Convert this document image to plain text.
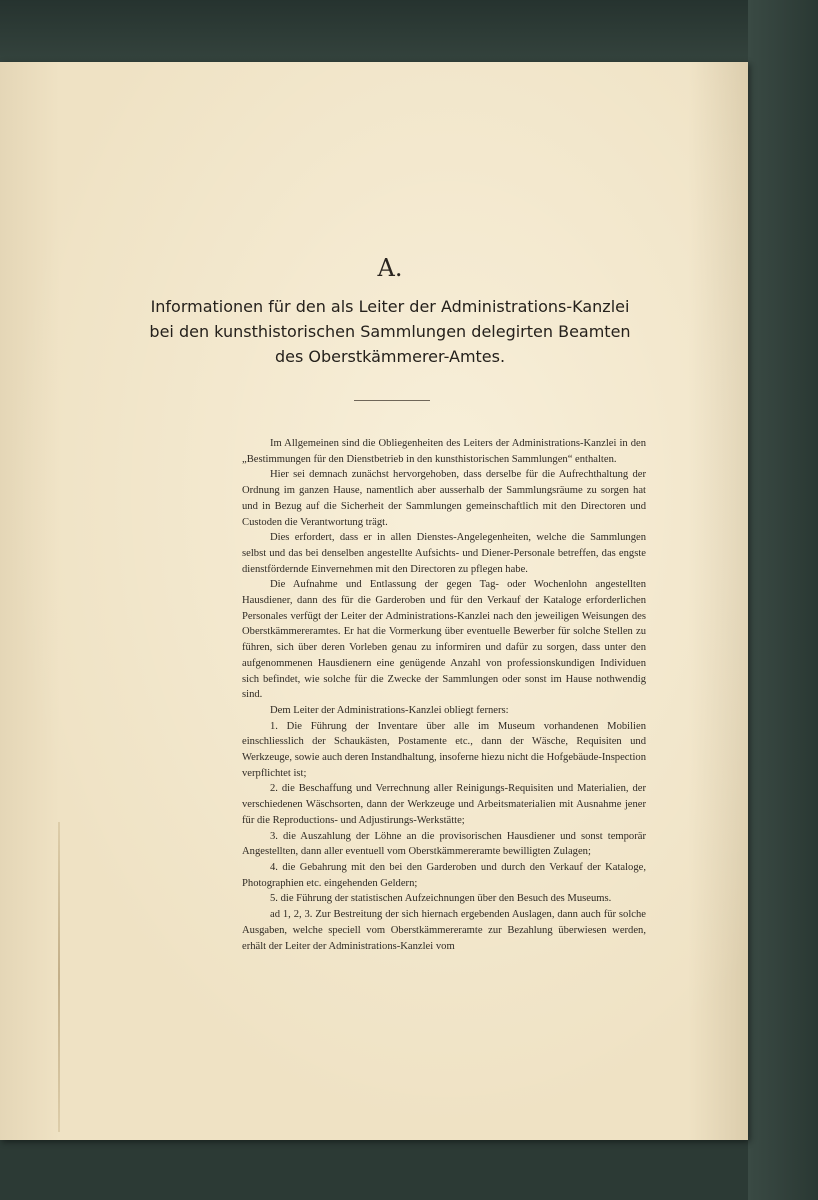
A.
Informationen für den als Leiter der Administrations-Kanzlei
bei den kunsthistorischen Sammlungen delegirten Beamten
des Oberstkämmerer-Amtes.

Im Allgemeinen sind die Obliegenheiten des Leiters der Administrations-Kanzlei in den „Bestimmungen für den Dienstbetrieb in den kunsthistorischen Sammlungen“ enthalten.

Hier sei demnach zunächst hervorgehoben, dass derselbe für die Aufrechthaltung der Ordnung im ganzen Hause, namentlich aber ausserhalb der Sammlungsräume zu sorgen hat und in Bezug auf die Sicherheit der Sammlungen gemeinschaftlich mit den Directoren und Custoden die Verantwortung trägt.

Dies erfordert, dass er in allen Dienstes-Angelegenheiten, welche die Sammlungen selbst und das bei denselben angestellte Aufsichts- und Diener-Personale betreffen, das engste dienstfördernde Einvernehmen mit den Directoren zu pflegen habe.

Die Aufnahme und Entlassung der gegen Tag- oder Wochenlohn angestellten Hausdiener, dann des für die Garderoben und für den Verkauf der Kataloge erforderlichen Personales verfügt der Leiter der Administrations-Kanzlei nach den jeweiligen Weisungen des Oberstkämmereramtes. Er hat die Vormerkung über eventuelle Bewerber für solche Stellen zu führen, sich über deren Vorleben genau zu informiren und dafür zu sorgen, dass unter den aufgenommenen Hausdienern eine genügende Anzahl von professionskundigen Individuen sich befindet, wie solche für die Zwecke der Sammlungen oder sonst im Hause nothwendig sind.

Dem Leiter der Administrations-Kanzlei obliegt ferners:

1. Die Führung der Inventare über alle im Museum vorhandenen Mobilien einschliesslich der Schaukästen, Postamente etc., dann der Wäsche, Requisiten und Werkzeuge, sowie auch deren Instandhaltung, insoferne hiezu nicht die Hofgebäude-Inspection verpflichtet ist;

2. die Beschaffung und Verrechnung aller Reinigungs-Requisiten und Materialien, der verschiedenen Wäschsorten, dann der Werkzeuge und Arbeitsmaterialien mit Ausnahme jener für die Reproductions- und Adjustirungs-Werkstätte;

3. die Auszahlung der Löhne an die provisorischen Hausdiener und sonst temporär Angestellten, dann aller eventuell vom Oberstkämmereramte bewilligten Zulagen;

4. die Gebahrung mit den bei den Garderoben und durch den Verkauf der Kataloge, Photographien etc. eingehenden Geldern;

5. die Führung der statistischen Aufzeichnungen über den Besuch des Museums.

ad 1, 2, 3. Zur Bestreitung der sich hiernach ergebenden Auslagen, dann auch für solche Ausgaben, welche speciell vom Oberstkämmereramte zur Bezahlung überwiesen werden, erhält der Leiter der Administrations-Kanzlei vom
